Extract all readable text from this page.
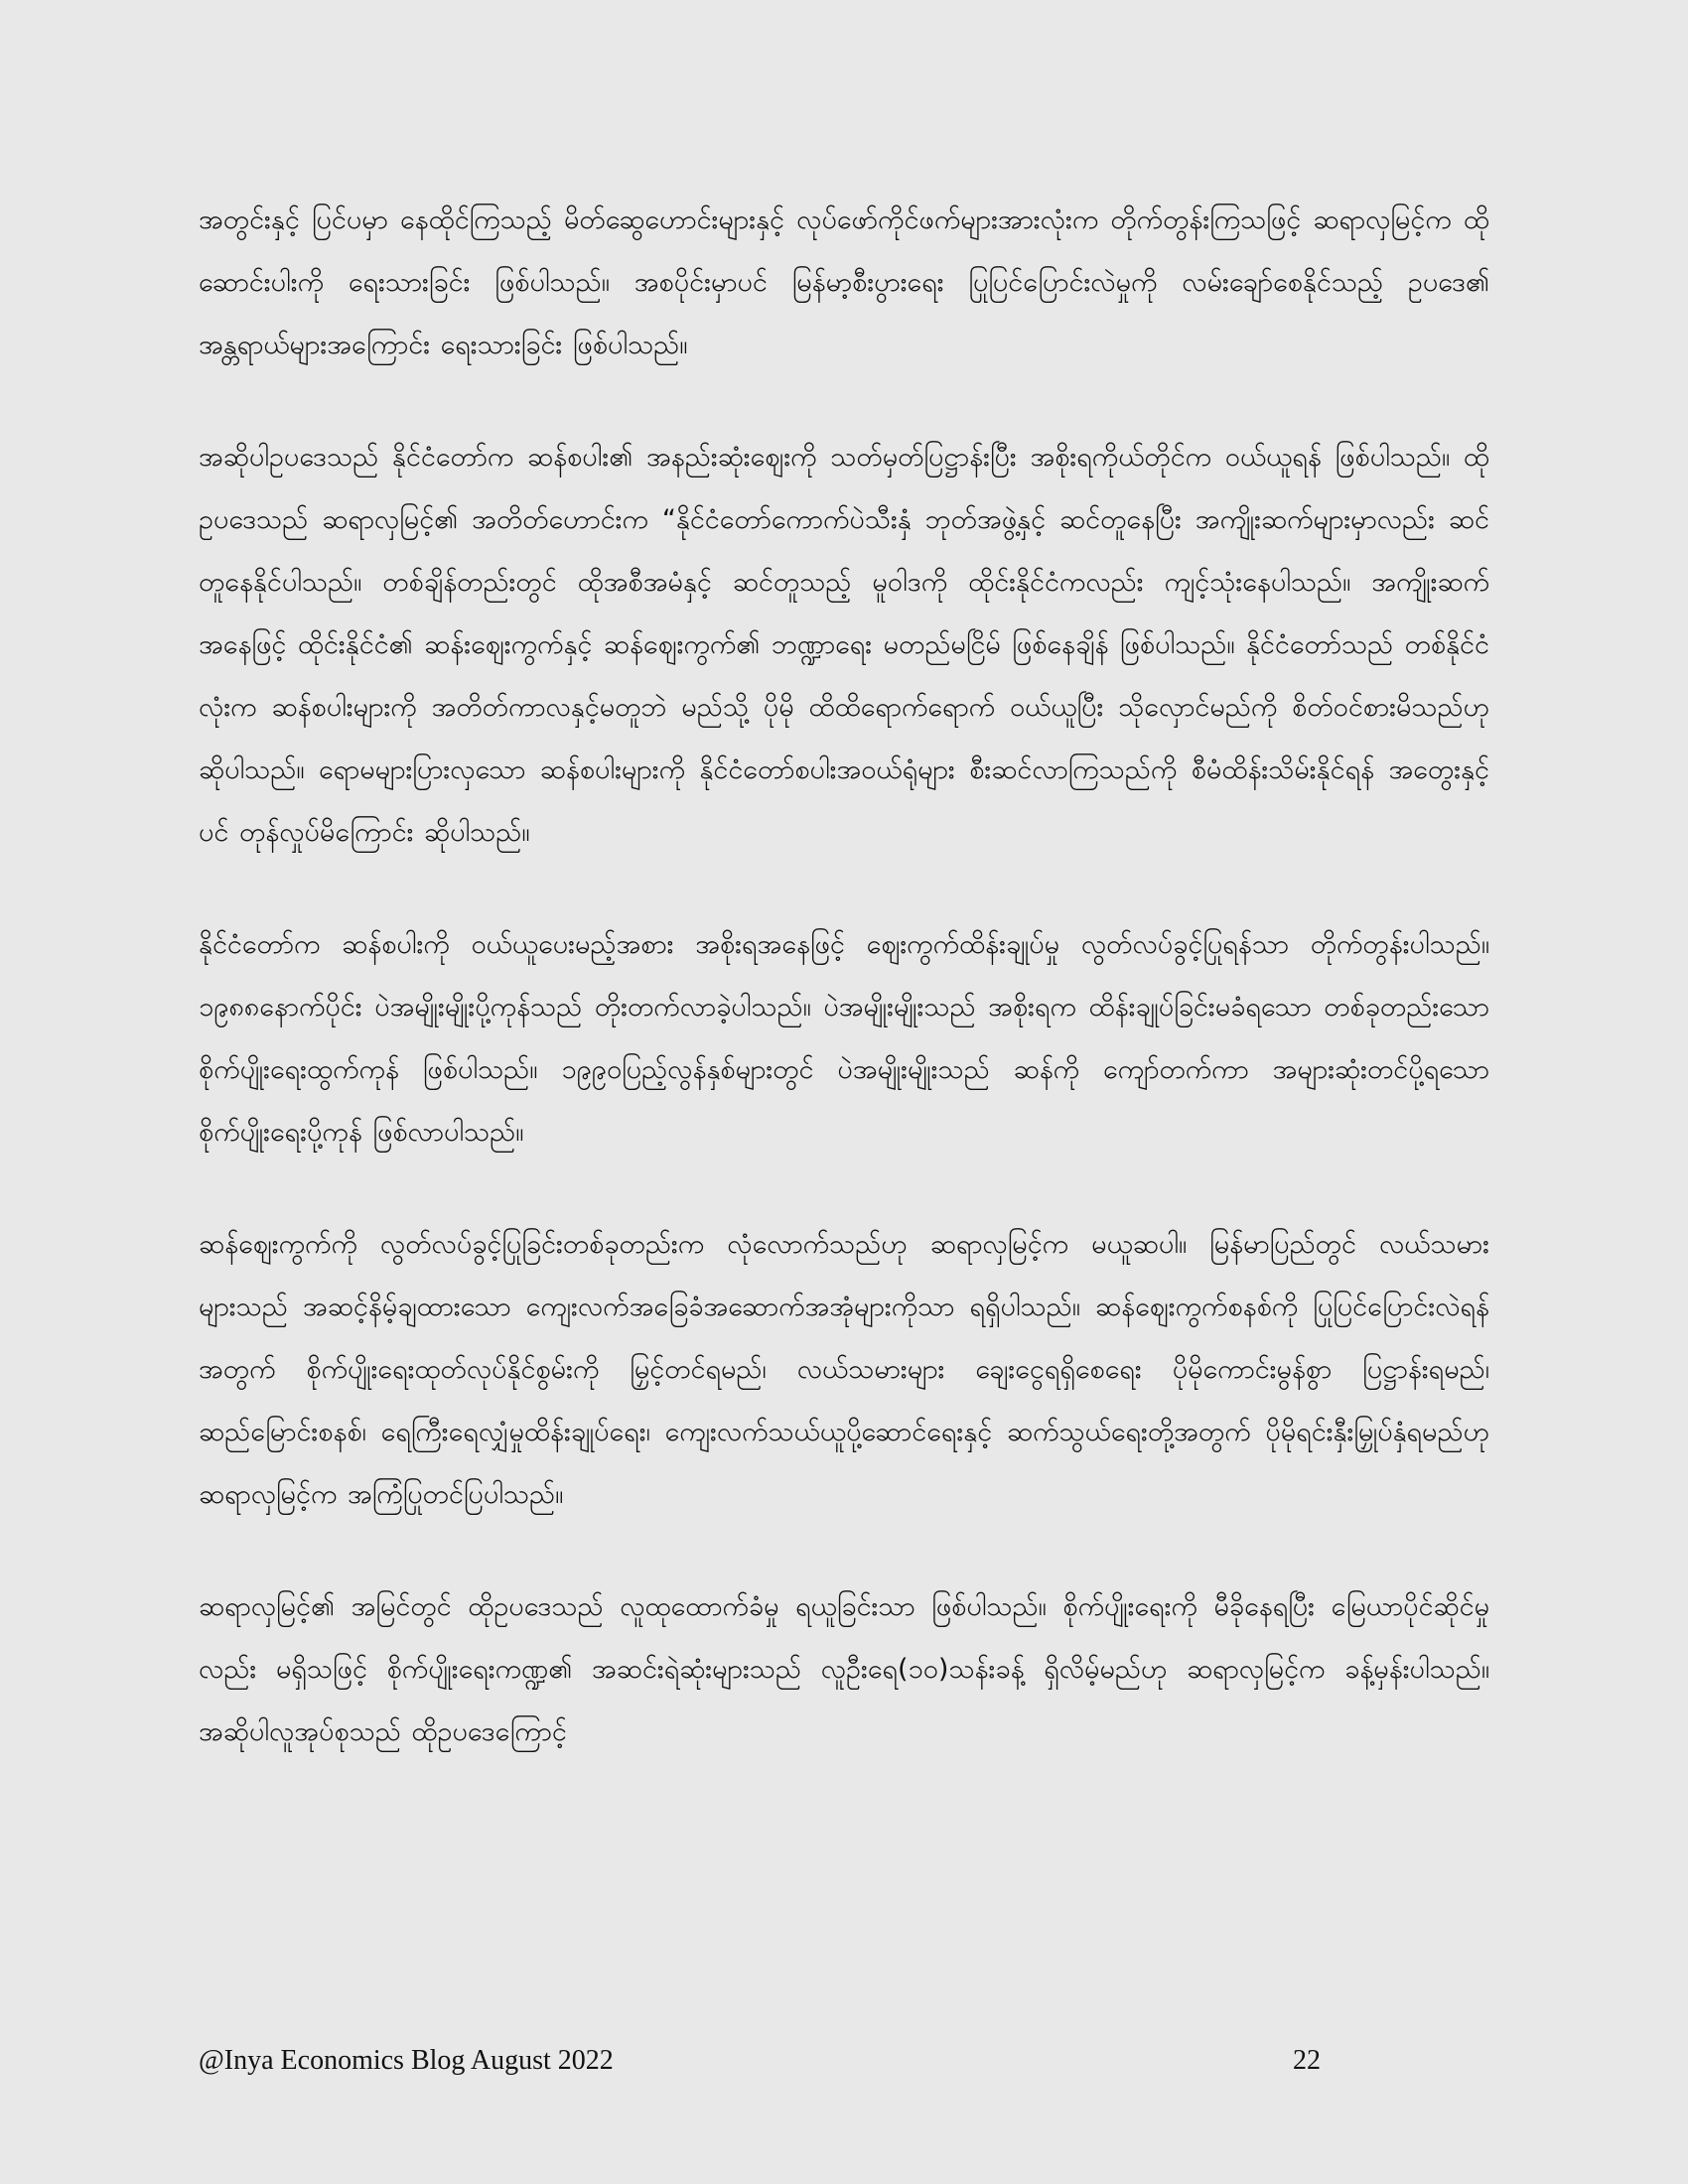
အတွင်းနှင့် ပြင်ပမှာ နေထိုင်ကြသည့် မိတ်ဆွေဟောင်းများနှင့် လုပ်ဖော်ကိုင်ဖက်များအားလုံးက တိုက်တွန်းကြသဖြင့် ဆရာလှမြင့်က ထိုဆောင်းပါးကို ရေးသားခြင်း ဖြစ်ပါသည်။ အစပိုင်းမှာပင် မြန်မာ့စီးပွားရေး ပြုပြင်ပြောင်းလဲမှုကို လမ်းချော်စေနိုင်သည့် ဥပဒေ၏ အန္တရာယ်များအကြောင်း ရေးသားခြင်း ဖြစ်ပါသည်။

အဆိုပါဥပဒေသည် နိုင်ငံတော်က ဆန်စပါး၏ အနည်းဆုံးဈေးကို သတ်မှတ်ပြဋ္ဌာန်းပြီး အစိုးရကိုယ်တိုင်က ဝယ်ယူရန် ဖြစ်ပါသည်။ ထိုဥပဒေသည် ဆရာလှမြင့်၏ အတိတ်ဟောင်းက “နိုင်ငံတော်ကောက်ပဲသီးနှံ ဘုတ်အဖွဲ့နှင့် ဆင်တူနေပြီး အကျိုးဆက်များမှာလည်း ဆင်တူနေနိုင်ပါသည်။ တစ်ချိန်တည်းတွင် ထိုအစီအမံနှင့် ဆင်တူသည့် မူဝါဒကို ထိုင်းနိုင်ငံကလည်း ကျင့်သုံးနေပါသည်။ အကျိုးဆက်အနေဖြင့် ထိုင်းနိုင်ငံ၏ ဆန်းဈေးကွက်နှင့် ဆန်ဈေးကွက်၏ ဘဏ္ဍာရေး မတည်မငြိမ် ဖြစ်နေချိန် ဖြစ်ပါသည်။ နိုင်ငံတော်သည် တစ်နိုင်ငံလုံးက ဆန်စပါးများကို အတိတ်ကာလနှင့်မတူဘဲ မည်သို့ ပိုမို ထိထိရောက်ရောက် ဝယ်ယူပြီး သိုလှောင်မည်ကို စိတ်ဝင်စားမိသည်ဟု ဆိုပါသည်။ ရောမများပြားလှသော ဆန်စပါးများကို နိုင်ငံတော်စပါးအဝယ်ရုံများ စီးဆင်လာကြသည်ကို စီမံထိန်းသိမ်းနိုင်ရန် အတွေးနှင့်ပင် တုန်လှုပ်မိကြောင်း ဆိုပါသည်။

နိုင်ငံတော်က ဆန်စပါးကို ဝယ်ယူပေးမည့်အစား အစိုးရအနေဖြင့် ဈေးကွက်ထိန်းချုပ်မှု လွတ်လပ်ခွင့်ပြုရန်သာ တိုက်တွန်းပါသည်။ ၁၉၈၈နောက်ပိုင်း ပဲအမျိုးမျိုးပို့ကုန်သည် တိုးတက်လာခဲ့ပါသည်။ ပဲအမျိုးမျိုးသည် အစိုးရက ထိန်းချုပ်ခြင်းမခံရသော တစ်ခုတည်းသော စိုက်ပျိုးရေးထွက်ကုန် ဖြစ်ပါသည်။ ၁၉၉၀ပြည့်လွန်နှစ်များတွင် ပဲအမျိုးမျိုးသည် ဆန်ကို ကျော်တက်ကာ အများဆုံးတင်ပို့ရသော စိုက်ပျိုးရေးပို့ကုန် ဖြစ်လာပါသည်။

ဆန်ဈေးကွက်ကို လွတ်လပ်ခွင့်ပြုခြင်းတစ်ခုတည်းက လုံလောက်သည်ဟု ဆရာလှမြင့်က မယူဆပါ။ မြန်မာပြည်တွင် လယ်သမားများသည် အဆင့်နိမ့်ချထားသော ကျေးလက်အခြေခံအဆောက်အအုံများကိုသာ ရရှိပါသည်။ ဆန်ဈေးကွက်စနစ်ကို ပြုပြင်ပြောင်းလဲရန်အတွက် စိုက်ပျိုးရေးထုတ်လုပ်နိုင်စွမ်းကို မြှင့်တင်ရမည်၊ လယ်သမားများ ချေးငွေရရှိစေရေး ပိုမိုကောင်းမွန်စွာ ပြဋ္ဌာန်းရမည်၊ ဆည်မြောင်းစနစ်၊ ရေကြီးရေလျှံမှုထိန်းချုပ်ရေး၊ ကျေးလက်သယ်ယူပို့ဆောင်ရေးနှင့် ဆက်သွယ်ရေးတို့အတွက် ပိုမိုရင်းနှီးမြှုပ်နှံရမည်ဟု ဆရာလှမြင့်က အကြံပြုတင်ပြပါသည်။

ဆရာလှမြင့်၏ အမြင်တွင် ထိုဥပဒေသည် လူထုထောက်ခံမှု ရယူခြင်းသာ ဖြစ်ပါသည်။ စိုက်ပျိုးရေးကို မီခိုနေရပြီး မြေယာပိုင်ဆိုင်မှုလည်း မရှိသဖြင့် စိုက်ပျိုးရေးကဏ္ဍ၏ အဆင်းရဲဆုံးများသည် လူဦးရေ(၁၀)သန်းခန့် ရှိလိမ့်မည်ဟု ဆရာလှမြင့်က ခန့်မှန်းပါသည်။ အဆိုပါလူအုပ်စုသည် ထိုဥပဒေကြောင့်

@Inya Economics Blog August 2022	22
